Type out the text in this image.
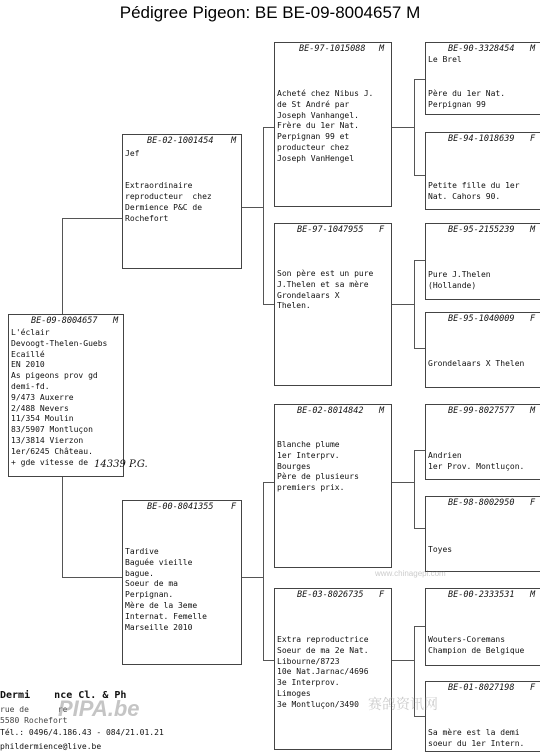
Pédigree Pigeon: BE BE-09-8004657 M

BE-09-8004657

M

L'éclair
Devoogt-Thelen-Guebs
Ecaillé
EN 2010
As pigeons prov gd
demi-fd.
9/473 Auxerre
2/488 Nevers
11/354 Moulin
83/5907 Montluçon
13/3814 Vierzon
1er/6245 Château.
+ gde vitesse de 14339 P.G.

BE-02-1001454

M

Jef

Extraordinaire
reproducteur  chez
Dermience P&C de
Rochefort

BE-00-8041355

F

Tardive
Baguée vieille
bague.
Soeur de ma
Perpignan.
Mère de la 3eme
Internat. Femelle
Marseille 2010

BE-97-1015088

M

Acheté chez Nibus J.
de St André par
Joseph Vanhangel.
Frère du 1er Nat.
Perpignan 99 et
producteur chez
Joseph VanHengel

BE-97-1047955

F

Son père est un pure
J.Thelen et sa mère
Grondelaars X
Thelen.

BE-02-8014842

M

Blanche plume
1er Interprv.
Bourges
Père de plusieurs
premiers prix.

BE-03-8026735

F

Extra reproductrice
Soeur de ma 2e Nat.
Libourne/8723
10e Nat.Jarnac/4696
3e Interprov.
Limoges
3e Montluçon/3490

BE-90-3328454

M

Le Brel
Père du 1er Nat.
Perpignan 99

BE-94-1018639

F

Petite fille du 1er
Nat. Cahors 90.

BE-95-2155239

M

Pure J.Thelen
(Hollande)

BE-95-1040009

F

Grondelaars X Thelen

BE-99-8027577

M

Andrien
1er Prov. Montluçon.

BE-98-8002950

F

Toyes

BE-00-2333531

M

Wouters-Coremans
Champion de Belgique

BE-01-8027198

F

Sa mère est la demi
soeur du 1er Intern.
Dermi    nce Cl. & Ph
rue de      re
5580 Rochefort
Tél.: 0496/4.186.43 - 084/21.01.21
phildermience@live.be
PIPA.be	赛鸽资讯网
www.chinagepi.com
